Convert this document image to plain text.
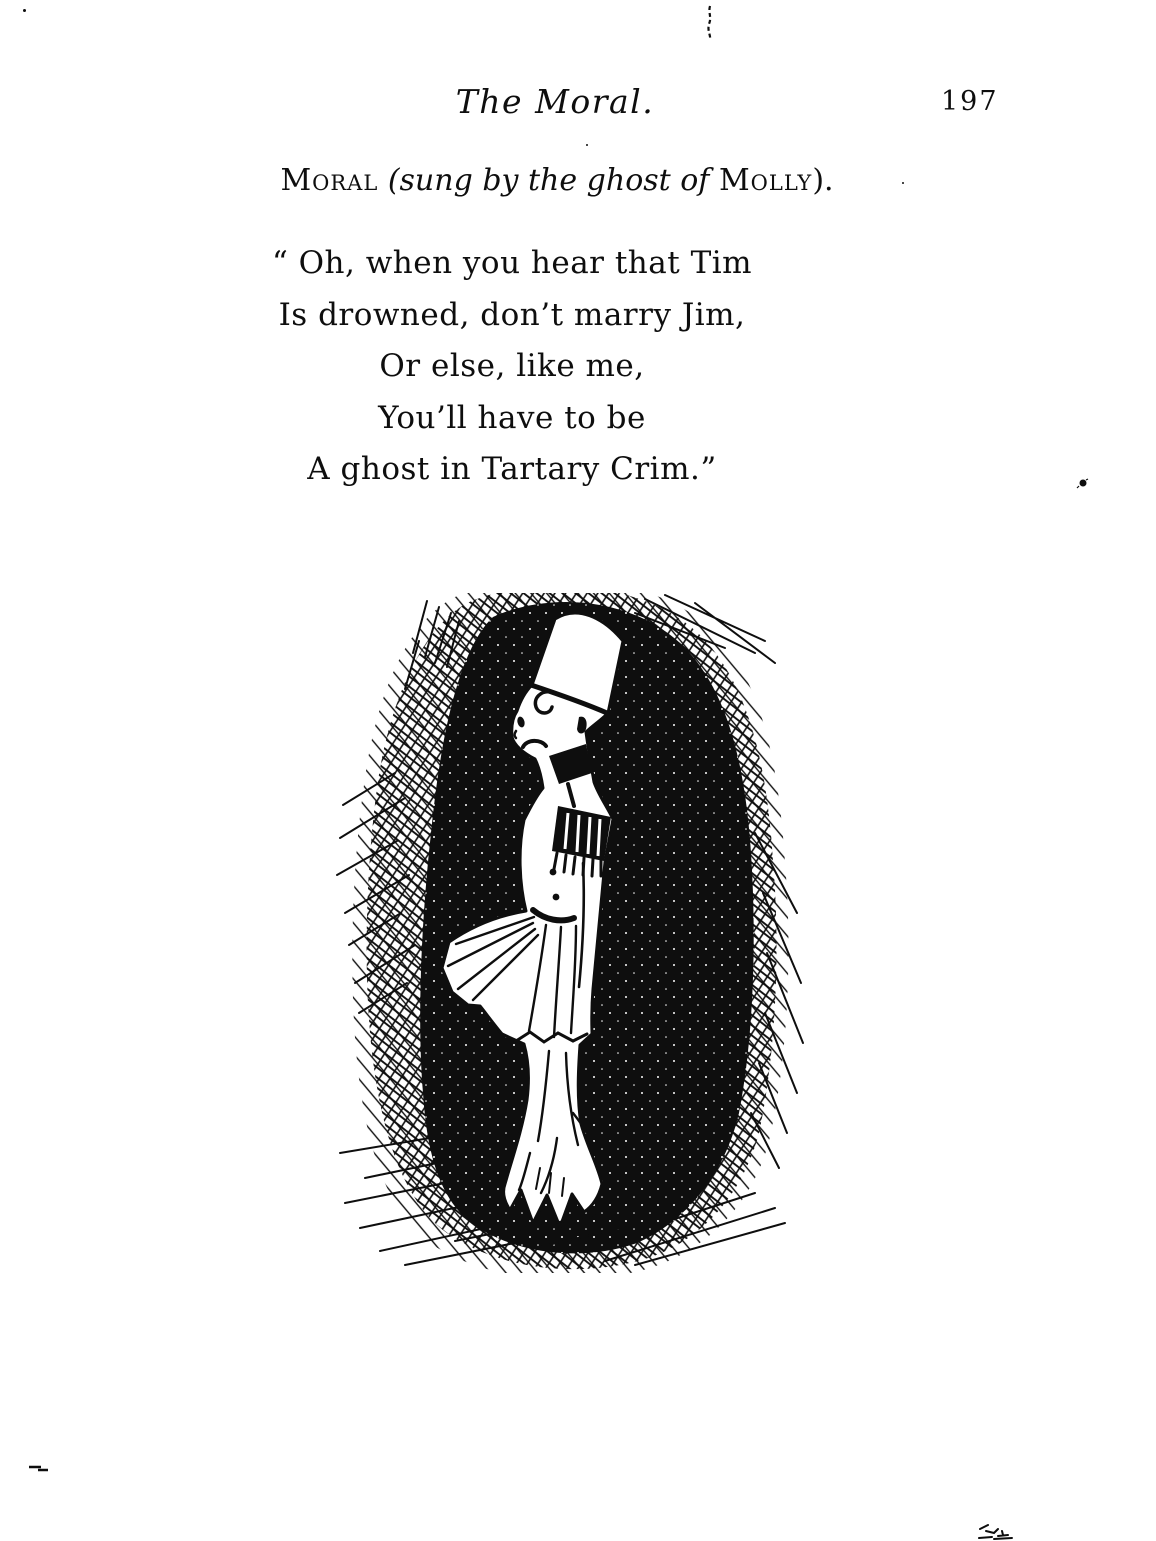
The Moral.	197
Moral (sung by the ghost of Molly).
“ Oh, when you hear that Tim
Is drowned, don’t marry Jim,
Or else, like me,
You’ll have to be
A ghost in Tartary Crim.”
